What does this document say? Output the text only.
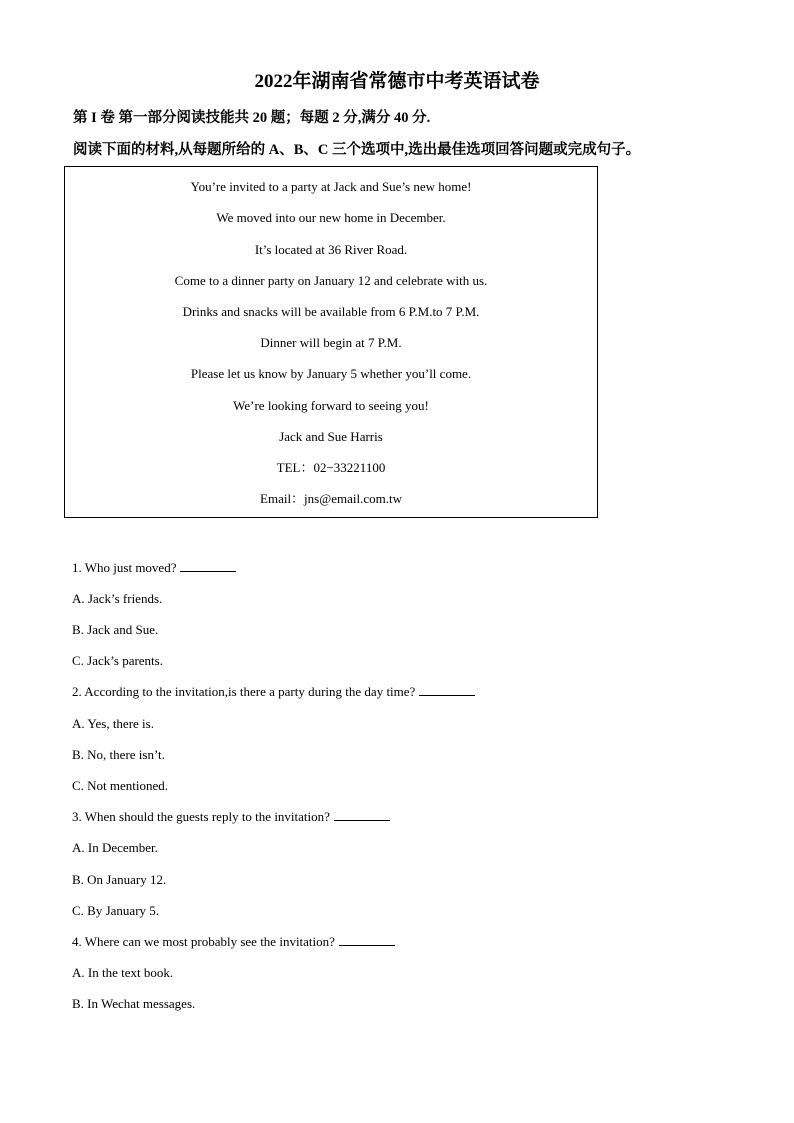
2022年湖南省常德市中考英语试卷
第 I 卷 第一部分阅读技能共 20 题；每题 2 分,满分 40 分.
阅读下面的材料,从每题所给的 A、B、C 三个选项中,选出最佳选项回答问题或完成句子。
You’re invited to a party at Jack and Sue’s new home!
We moved into our new home in December.
It’s located at 36 River Road.
Come to a dinner party on January 12 and celebrate with us.
Drinks and snacks will be available from 6 P.M.to 7 P.M.
Dinner will begin at 7 P.M.
Please let us know by January 5 whether you’ll come.
We’re looking forward to seeing you!
Jack and Sue Harris
TEL：02−33221100
Email：jns@email.com.tw
1. Who just moved?
A. Jack’s friends.
B. Jack and Sue.
C. Jack’s parents.
2. According to the invitation,is there a party during the day time?
A. Yes, there is.
B. No, there isn’t.
C. Not mentioned.
3. When should the guests reply to the invitation?
A. In December.
B. On January 12.
C. By January 5.
4. Where can we most probably see the invitation?
A. In the text book.
B. In Wechat messages.
